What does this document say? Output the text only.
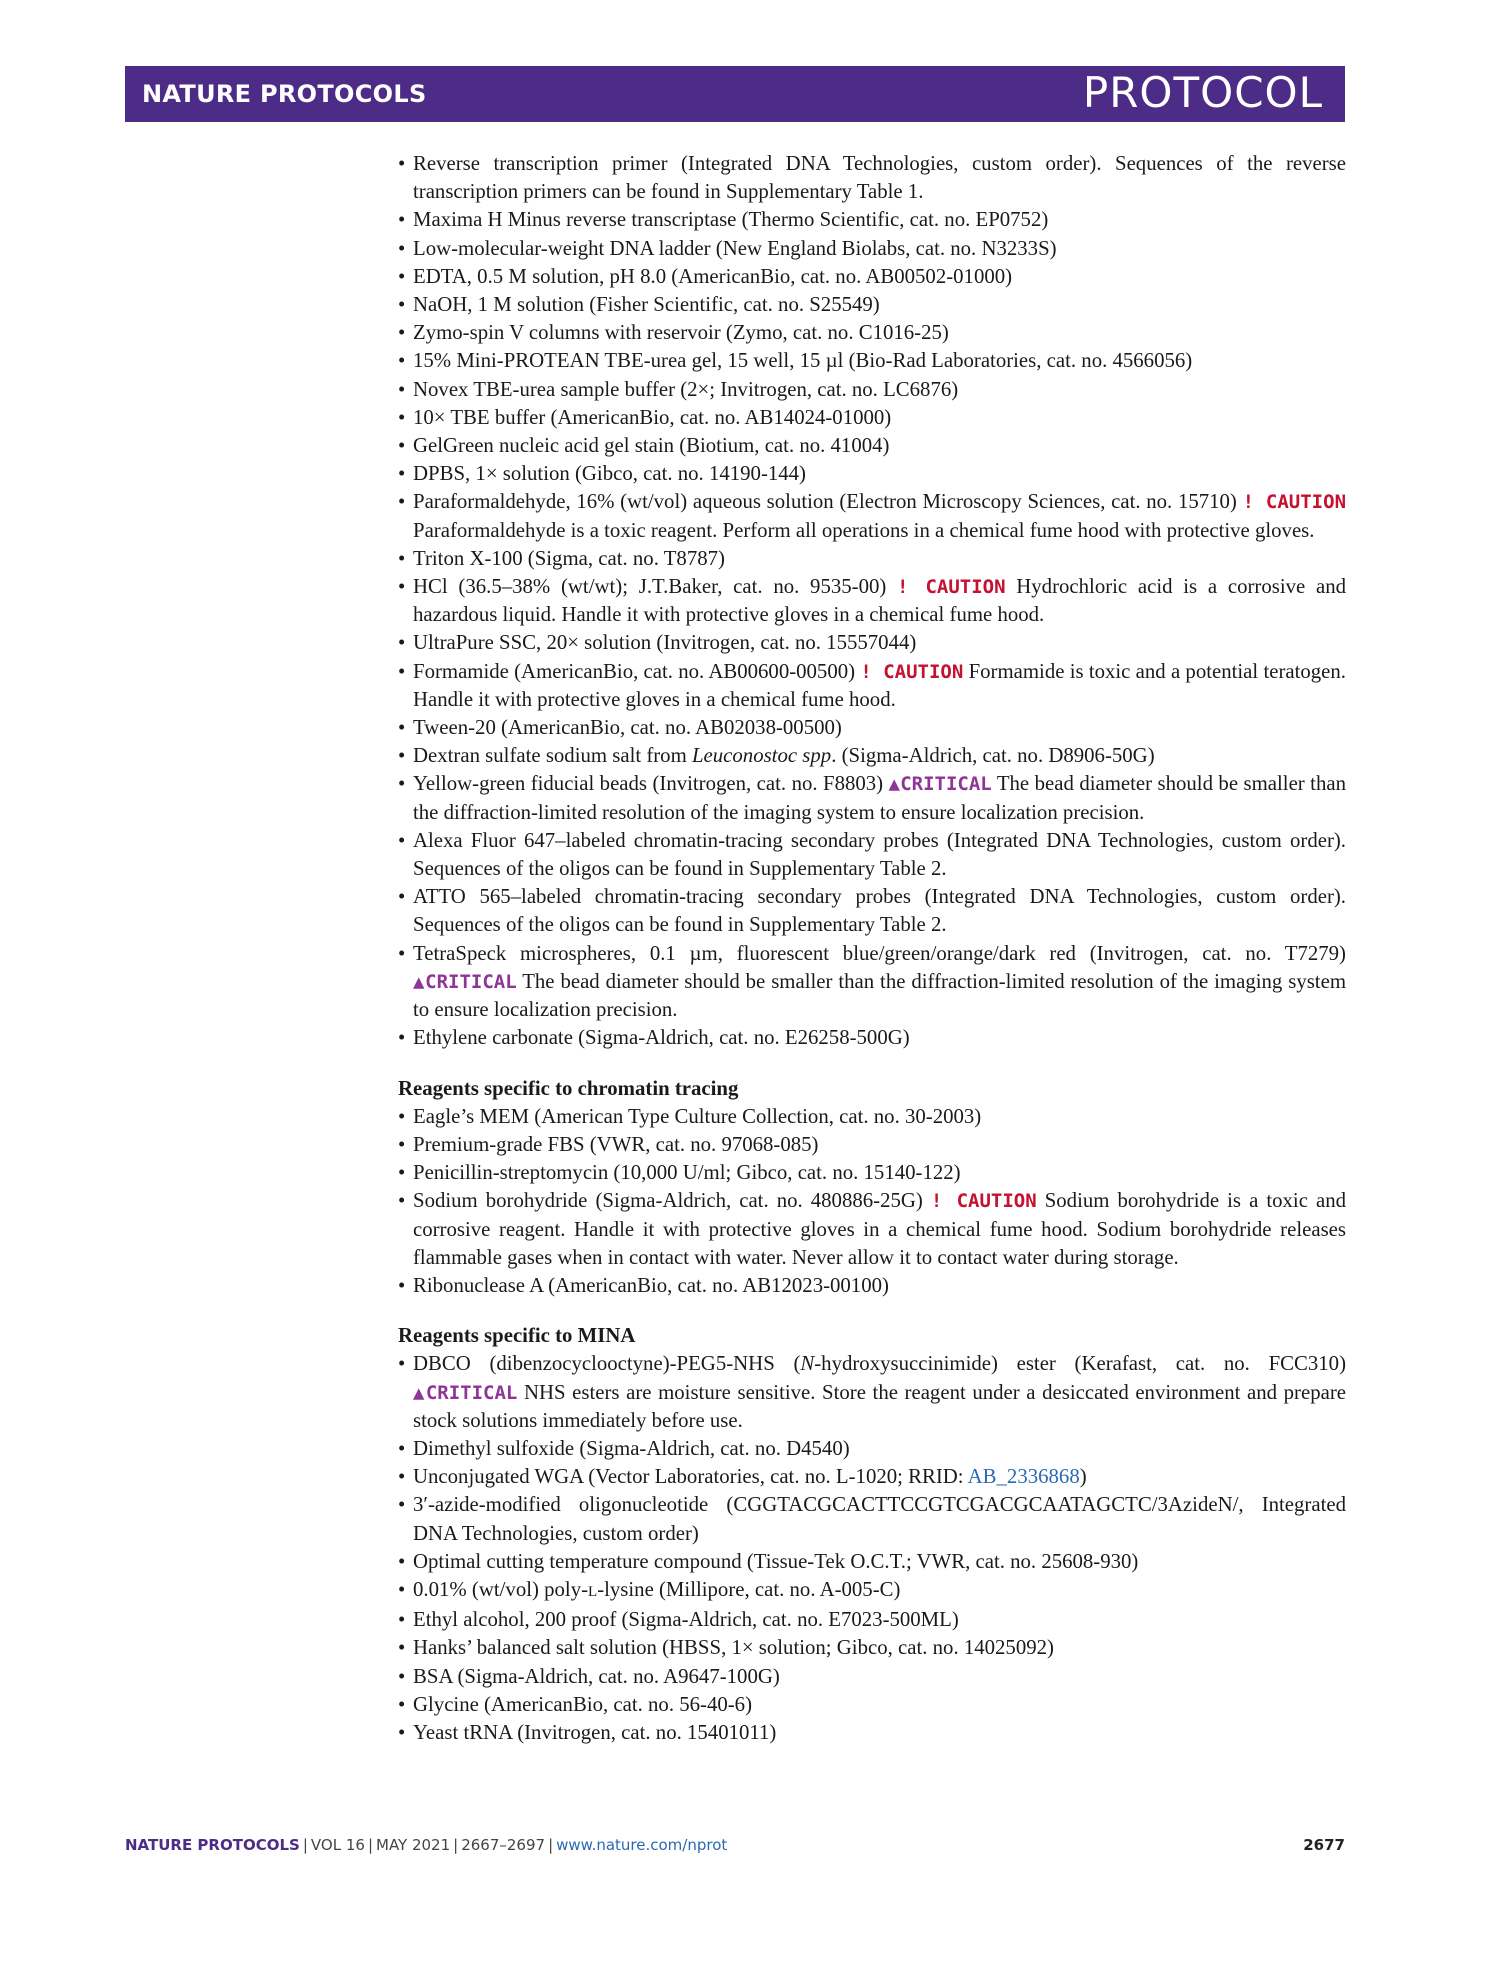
NATURE PROTOCOLS	PROTOCOL
• Reverse transcription primer (Integrated DNA Technologies, custom order). Sequences of the reverse transcription primers can be found in Supplementary Table 1.
• Maxima H Minus reverse transcriptase (Thermo Scientific, cat. no. EP0752)
• Low-molecular-weight DNA ladder (New England Biolabs, cat. no. N3233S)
• EDTA, 0.5 M solution, pH 8.0 (AmericanBio, cat. no. AB00502-01000)
• NaOH, 1 M solution (Fisher Scientific, cat. no. S25549)
• Zymo-spin V columns with reservoir (Zymo, cat. no. C1016-25)
• 15% Mini-PROTEAN TBE-urea gel, 15 well, 15 µl (Bio-Rad Laboratories, cat. no. 4566056)
• Novex TBE-urea sample buffer (2×; Invitrogen, cat. no. LC6876)
• 10× TBE buffer (AmericanBio, cat. no. AB14024-01000)
• GelGreen nucleic acid gel stain (Biotium, cat. no. 41004)
• DPBS, 1× solution (Gibco, cat. no. 14190-144)
• Paraformaldehyde, 16% (wt/vol) aqueous solution (Electron Microscopy Sciences, cat. no. 15710) ! CAUTION Paraformaldehyde is a toxic reagent. Perform all operations in a chemical fume hood with protective gloves.
• Triton X-100 (Sigma, cat. no. T8787)
• HCl (36.5–38% (wt/wt); J.T.Baker, cat. no. 9535-00) ! CAUTION Hydrochloric acid is a corrosive and hazardous liquid. Handle it with protective gloves in a chemical fume hood.
• UltraPure SSC, 20× solution (Invitrogen, cat. no. 15557044)
• Formamide (AmericanBio, cat. no. AB00600-00500) ! CAUTION Formamide is toxic and a potential teratogen. Handle it with protective gloves in a chemical fume hood.
• Tween-20 (AmericanBio, cat. no. AB02038-00500)
• Dextran sulfate sodium salt from Leuconostoc spp. (Sigma-Aldrich, cat. no. D8906-50G)
• Yellow-green fiducial beads (Invitrogen, cat. no. F8803) ▲CRITICAL The bead diameter should be smaller than the diffraction-limited resolution of the imaging system to ensure localization precision.
• Alexa Fluor 647–labeled chromatin-tracing secondary probes (Integrated DNA Technologies, custom order). Sequences of the oligos can be found in Supplementary Table 2.
• ATTO 565–labeled chromatin-tracing secondary probes (Integrated DNA Technologies, custom order). Sequences of the oligos can be found in Supplementary Table 2.
• TetraSpeck microspheres, 0.1 µm, fluorescent blue/green/orange/dark red (Invitrogen, cat. no. T7279) ▲CRITICAL The bead diameter should be smaller than the diffraction-limited resolution of the imaging system to ensure localization precision.
• Ethylene carbonate (Sigma-Aldrich, cat. no. E26258-500G)
Reagents specific to chromatin tracing
• Eagle’s MEM (American Type Culture Collection, cat. no. 30-2003)
• Premium-grade FBS (VWR, cat. no. 97068-085)
• Penicillin-streptomycin (10,000 U/ml; Gibco, cat. no. 15140-122)
• Sodium borohydride (Sigma-Aldrich, cat. no. 480886-25G) ! CAUTION Sodium borohydride is a toxic and corrosive reagent. Handle it with protective gloves in a chemical fume hood. Sodium borohydride releases flammable gases when in contact with water. Never allow it to contact water during storage.
• Ribonuclease A (AmericanBio, cat. no. AB12023-00100)
Reagents specific to MINA
• DBCO (dibenzocyclooctyne)-PEG5-NHS (N-hydroxysuccinimide) ester (Kerafast, cat. no. FCC310) ▲CRITICAL NHS esters are moisture sensitive. Store the reagent under a desiccated environment and prepare stock solutions immediately before use.
• Dimethyl sulfoxide (Sigma-Aldrich, cat. no. D4540)
• Unconjugated WGA (Vector Laboratories, cat. no. L-1020; RRID: AB_2336868)
• 3′-azide-modified oligonucleotide (CGGTACGCACTTCCGTCGACGCAATAGCTC/3AzideN/, Integrated DNA Technologies, custom order)
• Optimal cutting temperature compound (Tissue-Tek O.C.T.; VWR, cat. no. 25608-930)
• 0.01% (wt/vol) poly-L-lysine (Millipore, cat. no. A-005-C)
• Ethyl alcohol, 200 proof (Sigma-Aldrich, cat. no. E7023-500ML)
• Hanks’ balanced salt solution (HBSS, 1× solution; Gibco, cat. no. 14025092)
• BSA (Sigma-Aldrich, cat. no. A9647-100G)
• Glycine (AmericanBio, cat. no. 56-40-6)
• Yeast tRNA (Invitrogen, cat. no. 15401011)
NATURE PROTOCOLS | VOL 16 | MAY 2021 | 2667–2697 | www.nature.com/nprot	2677
